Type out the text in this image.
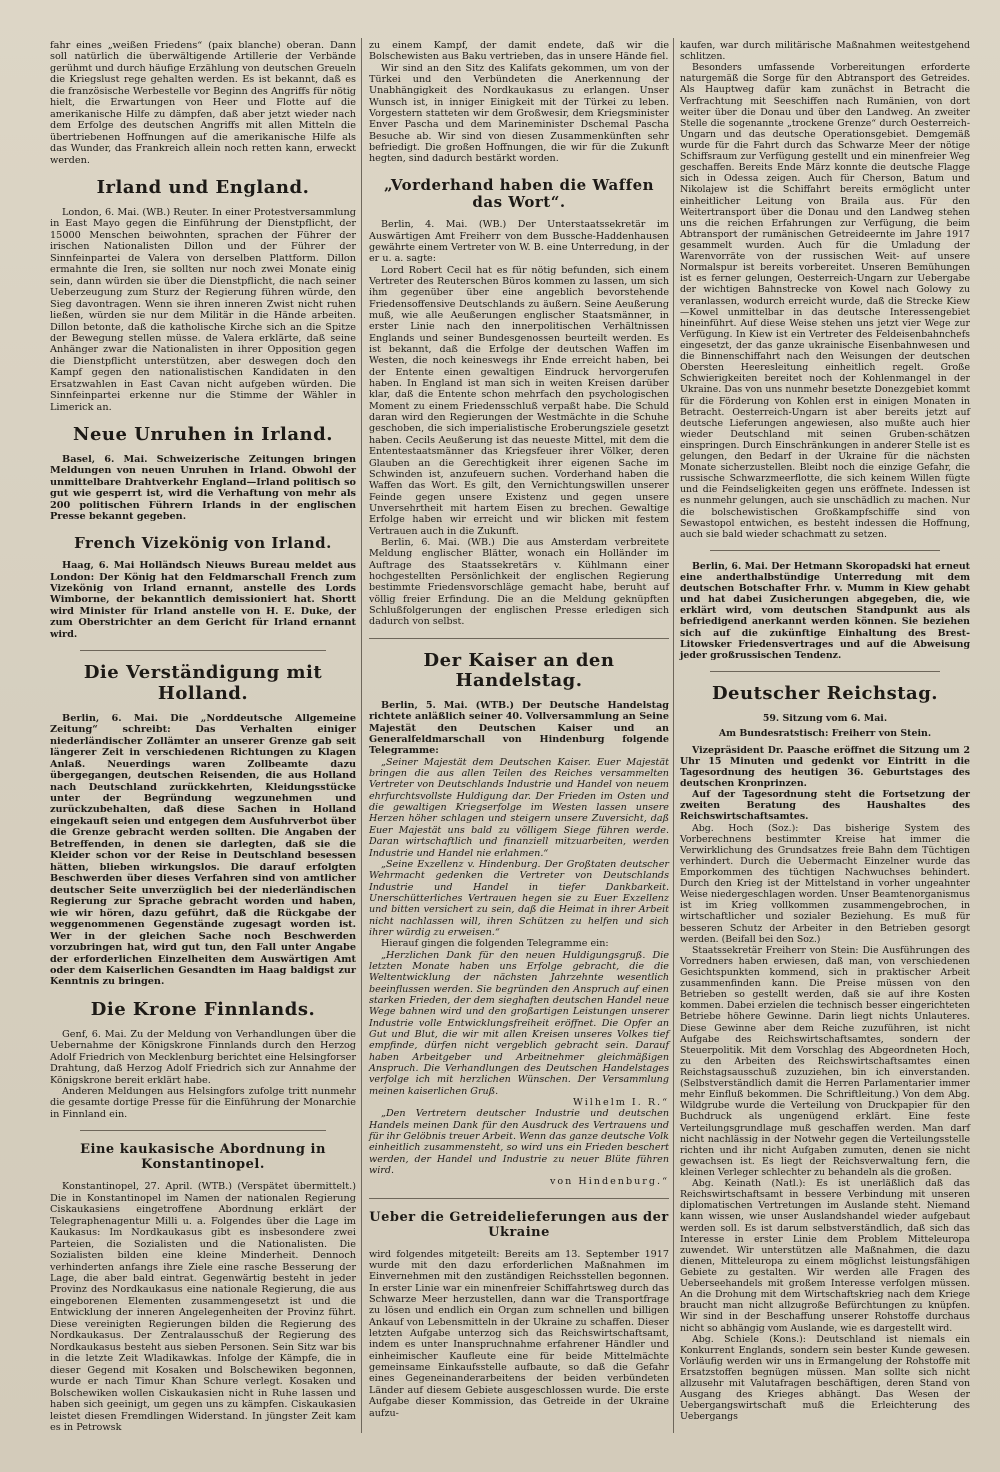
fahr eines „weißen Friedens“ (paix blanche) oberan. Dann soll natürlich die überwältigende Artillerie der Verbände gerühmt und durch häufige Erzählung von deutschen Greueln die Kriegslust rege gehalten werden. Es ist bekannt, daß es die französische Werbestelle vor Beginn des Angriffs für nötig hielt, die Erwartungen von Heer und Flotte auf die amerikanische Hilfe zu dämpfen, daß aber jetzt wieder nach dem Erfolge des deutschen Angriffs mit allen Mitteln die übertriebenen Hoffnungen auf die amerikanische Hilfe als das Wunder, das Frankreich allein noch retten kann, erweckt werden.

Irland und England.

London, 6. Mai. (WB.) Reuter. In einer Protestversammlung in East Mayo gegen die Einführung der Dienstpflicht, der 15000 Menschen beiwohnten, sprachen der Führer der irischen Nationalisten Dillon und der Führer der Sinnfeinpartei de Valera von derselben Plattform. Dillon ermahnte die Iren, sie sollten nur noch zwei Monate einig sein, dann würden sie über die Dienstpflicht, die nach seiner Ueberzeugung zum Sturz der Regierung führen würde, den Sieg davontragen. Wenn sie ihren inneren Zwist nicht ruhen ließen, würden sie nur dem Militär in die Hände arbeiten. Dillon betonte, daß die katholische Kirche sich an die Spitze der Bewegung stellen müsse. de Valera erklärte, daß seine Anhänger zwar die Nationalisten in ihrer Opposition gegen die Dienstpflicht unterstützen, aber deswegen doch den Kampf gegen den nationalistischen Kandidaten in den Ersatzwahlen in East Cavan nicht aufgeben würden. Die Sinnfeinpartei erkenne nur die Stimme der Wähler in Limerick an.

Neue Unruhen in Irland.

Basel, 6. Mai. Schweizerische Zeitungen bringen Meldungen von neuen Unruhen in Irland. Obwohl der unmittelbare Drahtverkehr England—Irland politisch so gut wie gesperrt ist, wird die Verhaftung von mehr als 200 politischen Führern Irlands in der englischen Presse bekannt gegeben.

French Vizekönig von Irland.

Haag, 6. Mai Holländsch Nieuws Bureau meldet aus London: Der König hat den Feldmarschall French zum Vizekönig von Irland ernannt, anstelle des Lords Wimborne, der bekanntlich demissioniert hat. Shortt wird Minister für Irland anstelle von H. E. Duke, der zum Oberstrichter an dem Gericht für Irland ernannt wird.

Die Verständigung mit Holland.

Berlin, 6. Mai. Die „Norddeutsche Allgemeine Zeitung“ schreibt: Das Verhalten einiger niederländischer Zollämter an unserer Grenze gab seit längerer Zeit in verschiedenen Richtungen zu Klagen Anlaß. Neuerdings waren Zollbeamte dazu übergegangen, deutschen Reisenden, die aus Holland nach Deutschland zurückkehrten, Kleidungsstücke unter der Begründung wegzunehmen und zurückzubehalten, daß diese Sachen in Holland eingekauft seien und entgegen dem Ausfuhrverbot über die Grenze gebracht werden sollten. Die Angaben der Betreffenden, in denen sie darlegten, daß sie die Kleider schon vor der Reise in Deutschland besessen hätten, blieben wirkungslos. Die darauf erfolgten Beschwerden über dieses Verfahren sind von amtlicher deutscher Seite unverzüglich bei der niederländischen Regierung zur Sprache gebracht worden und haben, wie wir hören, dazu geführt, daß die Rückgabe der weggenommenen Gegenstände zugesagt worden ist. Wer in der gleichen Sache noch Beschwerden vorzubringen hat, wird gut tun, den Fall unter Angabe der erforderlichen Einzelheiten dem Auswärtigen Amt oder dem Kaiserlichen Gesandten im Haag baldigst zur Kenntnis zu bringen.

Die Krone Finnlands.

Genf, 6. Mai. Zu der Meldung von Verhandlungen über die Uebernahme der Königskrone Finnlands durch den Herzog Adolf Friedrich von Mecklenburg berichtet eine Helsingforser Drahtung, daß Herzog Adolf Friedrich sich zur Annahme der Königskrone bereit erklärt habe.

Anderen Meldungen aus Helsingfors zufolge tritt nunmehr die gesamte dortige Presse für die Einführung der Monarchie in Finnland ein.

Eine kaukasische Abordnung in Konstantinopel.

Konstantinopel, 27. April. (WTB.) (Verspätet übermittelt.) Die in Konstantinopel im Namen der nationalen Regierung Ciskaukasiens eingetroffene Abordnung erklärt der Telegraphenagentur Milli u. a. Folgendes über die Lage im Kaukasus: Im Nordkaukasus gibt es insbesondere zwei Parteien, die Sozialisten und die Nationalisten. Die Sozialisten bilden eine kleine Minderheit. Dennoch verhinderten anfangs ihre Ziele eine rasche Besserung der Lage, die aber bald eintrat. Gegenwärtig besteht in jeder Provinz des Nordkaukasus eine nationale Regierung, die aus eingeborenen Elementen zusammengesetzt ist und die Entwicklung der inneren Angelegenheiten der Provinz führt. Diese vereinigten Regierungen bilden die Regierung des Nordkaukasus. Der Zentralausschuß der Regierung des Nordkaukasus besteht aus sieben Personen. Sein Sitz war bis in die letzte Zeit Wladikawkas. Infolge der Kämpfe, die in dieser Gegend mit Kosaken und Bolschewiken begonnen, wurde er nach Timur Khan Schure verlegt. Kosaken und Bolschewiken wollen Ciskaukasien nicht in Ruhe lassen und haben sich geeinigt, um gegen uns zu kämpfen. Ciskaukasien leistet diesen Fremdlingen Widerstand. In jüngster Zeit kam es in Petrowsk

zu einem Kampf, der damit endete, daß wir die Bolschewisten aus Baku vertrieben, das in unsere Hände fiel.

Wir sind an den Sitz des Kalifats gekommen, um von der Türkei und den Verbündeten die Anerkennung der Unabhängigkeit des Nordkaukasus zu erlangen. Unser Wunsch ist, in inniger Einigkeit mit der Türkei zu leben. Vorgestern statteten wir dem Großwesir, dem Kriegsminister Enver Pascha und dem Marineminister Dschemal Pascha Besuche ab. Wir sind von diesen Zusammenkünften sehr befriedigt. Die großen Hoffnungen, die wir für die Zukunft hegten, sind dadurch bestärkt worden.

„Vorderhand haben die Waffen das Wort“.

Berlin, 4. Mai. (WB.) Der Unterstaatssekretär im Auswärtigen Amt Freiherr von dem Bussche-Haddenhausen gewährte einem Vertreter von W. B. eine Unterredung, in der er u. a. sagte:

Lord Robert Cecil hat es für nötig befunden, sich einem Vertreter des Reuterschen Büros kommen zu lassen, um sich ihm gegenüber über eine angeblich bevorstehende Friedensoffensive Deutschlands zu äußern. Seine Aeußerung muß, wie alle Aeußerungen englischer Staatsmänner, in erster Linie nach den innerpolitischen Verhältnissen Englands und seiner Bundesgenossen beurteilt werden. Es ist bekannt, daß die Erfolge der deutschen Waffen im Westen, die noch keineswegs ihr Ende erreicht haben, bei der Entente einen gewaltigen Eindruck hervorgerufen haben. In England ist man sich in weiten Kreisen darüber klar, daß die Entente schon mehrfach den psychologischen Moment zu einem Friedensschluß verpaßt habe. Die Schuld daran wird den Regierungen der Westmächte in die Schuhe geschoben, die sich imperialistische Eroberungsziele gesetzt haben. Cecils Aeußerung ist das neueste Mittel, mit dem die Ententestaatsmänner das Kriegsfeuer ihrer Völker, deren Glauben an die Gerechtigkeit ihrer eigenen Sache im Schwinden ist, anzufeuern suchen. Vorderhand haben die Waffen das Wort. Es gilt, den Vernichtungswillen unserer Feinde gegen unsere Existenz und gegen unsere Unversehrtheit mit hartem Eisen zu brechen. Gewaltige Erfolge haben wir erreicht und wir blicken mit festem Vertrauen auch in die Zukunft.

Berlin, 6. Mai. (WB.) Die aus Amsterdam verbreitete Meldung englischer Blätter, wonach ein Holländer im Auftrage des Staatssekretärs v. Kühlmann einer hochgestellten Persönlichkeit der englischen Regierung bestimmte Friedensvorschläge gemacht habe, beruht auf völlig freier Erfindung. Die an die Meldung geknüpften Schlußfolgerungen der englischen Presse erledigen sich dadurch von selbst.

Der Kaiser an den Handelstag.

Berlin, 5. Mai. (WTB.) Der Deutsche Handelstag richtete anläßlich seiner 40. Vollversammlung an Seine Majestät den Deutschen Kaiser und an Generalfeldmarschall von Hindenburg folgende Telegramme:

„Seiner Majestät dem Deutschen Kaiser. Euer Majestät bringen die aus allen Teilen des Reiches versammelten Vertreter von Deutschlands Industrie und Handel von neuem ehrfurchtsvollste Huldigung dar. Der Frieden im Osten und die gewaltigen Kriegserfolge im Westen lassen unsere Herzen höher schlagen und steigern unsere Zuversicht, daß Euer Majestät uns bald zu völligem Siege führen werde. Daran wirtschaftlich und finanziell mitzuarbeiten, werden Industrie und Handel nie erlahmen.“

„Seine Exzellenz v. Hindenburg. Der Großtaten deutscher Wehrmacht gedenken die Vertreter von Deutschlands Industrie und Handel in tiefer Dankbarkeit. Unerschütterliches Vertrauen hegen sie zu Euer Exzellenz und bitten versichert zu sein, daß die Heimat in ihrer Arbeit nicht nachlassen will, ihren Schützen zu helfen und sich ihrer würdig zu erweisen.“

Hierauf gingen die folgenden Telegramme ein:

„Herzlichen Dank für den neuen Huldigungsgruß. Die letzten Monate haben uns Erfolge gebracht, die die Weltentwicklung der nächsten Jahrzehnte wesentlich beeinflussen werden. Sie begründen den Anspruch auf einen starken Frieden, der dem sieghaften deutschen Handel neue Wege bahnen wird und den großartigen Leistungen unserer Industrie volle Entwicklungsfreiheit eröffnet. Die Opfer an Gut und Blut, die wir mit allen Kreisen unseres Volkes tief empfinde, dürfen nicht vergeblich gebracht sein. Darauf haben Arbeitgeber und Arbeitnehmer gleichmäßigen Anspruch. Die Verhandlungen des Deutschen Handelstages verfolge ich mit herzlichen Wünschen. Der Versammlung meinen kaiserlichen Gruß.

Wilhelm I. R.“

„Den Vertretern deutscher Industrie und deutschen Handels meinen Dank für den Ausdruck des Vertrauens und für ihr Gelöbnis treuer Arbeit. Wenn das ganze deutsche Volk einheitlich zusammensteht, so wird uns ein Frieden beschert werden, der Handel und Industrie zu neuer Blüte führen wird.

von Hindenburg.“

Ueber die Getreidelieferungen aus der Ukraine

wird folgendes mitgeteilt: Bereits am 13. September 1917 wurde mit den dazu erforderlichen Maßnahmen im Einvernehmen mit den zuständigen Reichsstellen begonnen. In erster Linie war ein minenfreier Schiffahrtsweg durch das Schwarze Meer herzustellen, dann war die Transportfrage zu lösen und endlich ein Organ zum schnellen und billigen Ankauf von Lebensmitteln in der Ukraine zu schaffen. Dieser letzten Aufgabe unterzog sich das Reichswirtschaftsamt, indem es unter Inanspruchnahme erfahrener Händler und einheimischer Kaufleute eine für beide Mittelmächte gemeinsame Einkaufsstelle aufbaute, so daß die Gefahr eines Gegeneinanderarbeitens der beiden verbündeten Länder auf diesem Gebiete ausgeschlossen wurde. Die erste Aufgabe dieser Kommission, das Getreide in der Ukraine aufzu-

kaufen, war durch militärische Maßnahmen weitestgehend schlitzen.

Besonders umfassende Vorbereitungen erforderte naturgemäß die Sorge für den Abtransport des Getreides. Als Hauptweg dafür kam zunächst in Betracht die Verfrachtung mit Seeschiffen nach Rumänien, von dort weiter über die Donau und über den Landweg. An zweiter Stelle die sogenannte „trockene Grenze“ durch Oesterreich-Ungarn und das deutsche Operationsgebiet. Demgemäß wurde für die Fahrt durch das Schwarze Meer der nötige Schiffsraum zur Verfügung gestellt und ein minenfreier Weg geschaffen. Bereits Ende März konnte die deutsche Flagge sich in Odessa zeigen. Auch für Cherson, Batum und Nikolajew ist die Schiffahrt bereits ermöglicht unter einheitlicher Leitung von Braila aus. Für den Weitertransport über die Donau und den Landweg stehen uns die reichen Erfahrungen zur Verfügung, die beim Abtransport der rumänischen Getreideernte im Jahre 1917 gesammelt wurden. Auch für die Umladung der Warenvorräte von der russischen Weit- auf unsere Normalspur ist bereits vorbereitet. Unseren Bemühungen ist es ferner gelungen, Oesterreich-Ungarn zur Uebergabe der wichtigen Bahnstrecke von Kowel nach Golowy zu veranlassen, wodurch erreicht wurde, daß die Strecke Kiew—Kowel unmittelbar in das deutsche Interessengebiet hineinführt. Auf diese Weise stehen uns jetzt vier Wege zur Verfügung. In Kiew ist ein Vertreter des Feldeisenbahnchefs eingesetzt, der das ganze ukrainische Eisenbahnwesen und die Binnenschiffahrt nach den Weisungen der deutschen Obersten Heeresleitung einheitlich regelt. Große Schwierigkeiten bereitet noch der Kohlenmangel in der Ukraine. Das von uns nunmehr besetzte Donezgebiet kommt für die Förderung von Kohlen erst in einigen Monaten in Betracht. Oesterreich-Ungarn ist aber bereits jetzt auf deutsche Lieferungen angewiesen, also mußte auch hier wieder Deutschland mit seinen Gruben-schätzen einspringen. Durch Einschränkungen in anderer Stelle ist es gelungen, den Bedarf in der Ukraine für die nächsten Monate sicherzustellen. Bleibt noch die einzige Gefahr, die russische Schwarzmeerflotte, die sich keinem Willen fügte und die Feindseligkeiten gegen uns eröffnete. Indessen ist es nunmehr gelungen, auch sie unschädlich zu machen. Nur die bolschewistischen Großkampfschiffe sind von Sewastopol entwichen, es besteht indessen die Hoffnung, auch sie bald wieder schachmatt zu setzen.

Berlin, 6. Mai. Der Hetmann Skoropadski hat erneut eine anderthalbstündige Unterredung mit dem deutschen Botschafter Frhr. v. Mumm in Kiew gehabt und hat dabei Zusicherungen abgegeben, die, wie erklärt wird, vom deutschen Standpunkt aus als befriedigend anerkannt werden können. Sie beziehen sich auf die zukünftige Einhaltung des Brest-Litowsker Friedensvertrages und auf die Abweisung jeder großrussischen Tendenz.

Deutscher Reichstag.
59. Sitzung vom 6. Mai.
Am Bundesratstisch: Freiherr von Stein.

Vizepräsident Dr. Paasche eröffnet die Sitzung um 2 Uhr 15 Minuten und gedenkt vor Eintritt in die Tagesordnung des heutigen 36. Geburtstages des deutschen Kronprinzen.

Auf der Tagesordnung steht die Fortsetzung der zweiten Beratung des Haushaltes des Reichswirtschaftsamtes.

Abg. Hoch (Soz.): Das bisherige System des Vorberechnens bestimmter Kreise hat immer die Verwirklichung des Grundsatzes freie Bahn dem Tüchtigen verhindert. Durch die Uebermacht Einzelner wurde das Emporkommen des tüchtigen Nachwuchses behindert. Durch den Krieg ist der Mittelstand in vorher ungeahnter Weise niedergeschlagen worden. Unser Beamtenorganismus ist im Krieg vollkommen zusammengebrochen, in wirtschaftlicher und sozialer Beziehung. Es muß für besseren Schutz der Arbeiter in den Betrieben gesorgt werden. (Beifall bei den Soz.)

Staatssekretär Freiherr von Stein: Die Ausführungen des Vorredners haben erwiesen, daß man, von verschiedenen Gesichtspunkten kommend, sich in praktischer Arbeit zusammenfinden kann. Die Preise müssen von den Betrieben so gestellt werden, daß sie auf ihre Kosten kommen. Dabei erzielen die technisch besser eingerichteten Betriebe höhere Gewinne. Darin liegt nichts Unlauteres. Diese Gewinne aber dem Reiche zuzuführen, ist nicht Aufgabe des Reichswirtschaftsamtes, sondern der Steuerpolitik. Mit dem Vorschlag des Abgeordneten Hoch, zu den Arbeiten des Reichswirtschaftsamtes einen Reichstagsausschuß zuzuziehen, bin ich einverstanden. (Selbstverständlich damit die Herren Parlamentarier immer mehr Einfluß bekommen. Die Schriftleitung.) Von dem Abg. Wildgrube wurde die Verteilung von Druckpapier für den Buchdruck als ungenügend erklärt. Eine feste Verteilungsgrundlage muß geschaffen werden. Man darf nicht nachlässig in der Notwehr gegen die Verteilungsstelle richten und ihr nicht Aufgaben zumuten, denen sie nicht gewachsen ist. Es liegt der Reichsverwaltung fern, die kleinen Verleger schlechter zu behandeln als die großen.

Abg. Keinath (Natl.): Es ist unerläßlich daß das Reichswirtschaftsamt in bessere Verbindung mit unseren diplomatischen Vertretungen im Auslande steht. Niemand kann wissen, wie unser Auslandshandel wieder aufgebaut werden soll. Es ist darum selbstverständlich, daß sich das Interesse in erster Linie dem Problem Mitteleuropa zuwendet. Wir unterstützen alle Maßnahmen, die dazu dienen, Mitteleuropa zu einem möglichst leistungsfähigen Gebiete zu gestalten. Wir werden alle Fragen des Ueberseehandels mit großem Interesse verfolgen müssen. An die Drohung mit dem Wirtschaftskrieg nach dem Kriege braucht man nicht allzugroße Befürchtungen zu knüpfen. Wir sind in der Beschaffung unserer Rohstoffe durchaus nicht so abhängig vom Auslande, wie es dargestellt wird.

Abg. Schiele (Kons.): Deutschland ist niemals ein Konkurrent Englands, sondern sein bester Kunde gewesen. Vorläufig werden wir uns in Ermangelung der Rohstoffe mit Ersatzstoffen begnügen müssen. Man sollte sich nicht allzusehr mit Valutafragen beschäftigen, deren Stand von Ausgang des Krieges abhängt. Das Wesen der Uebergangswirtschaft muß die Erleichterung des Uebergangs
